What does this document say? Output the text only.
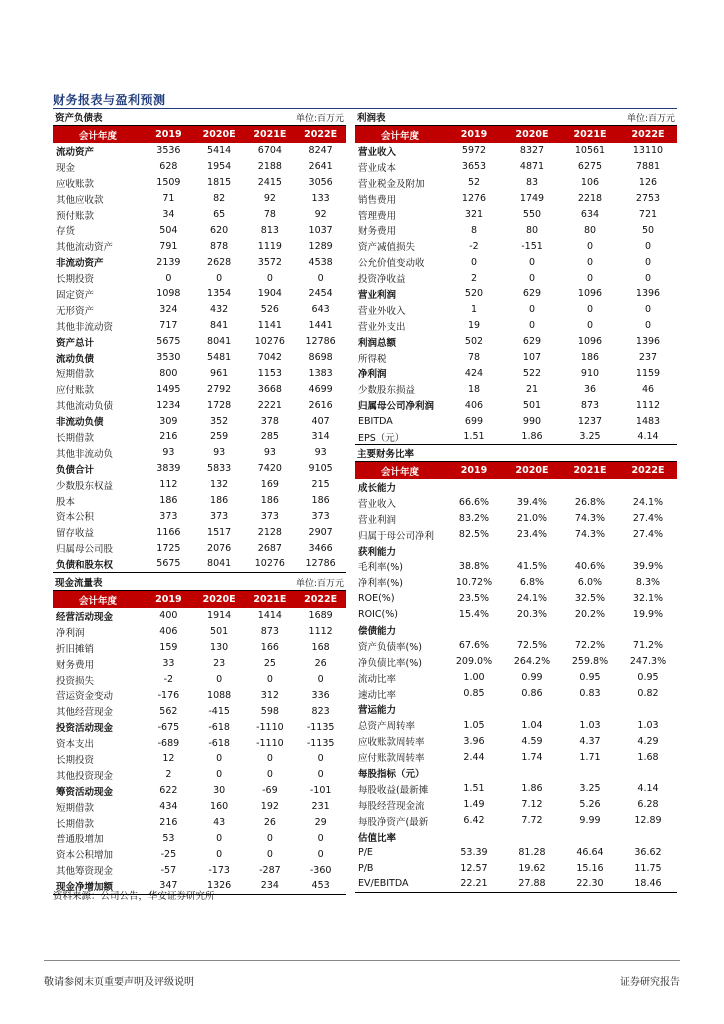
财务报表与盈利预测
资产负债表	单位:百万元
会计年度	2019	2020E	2021E	2022E
流动资产	3536	5414	6704	8247
现金	628	1954	2188	2641
应收账款	1509	1815	2415	3056
其他应收款	71	82	92	133
预付账款	34	65	78	92
存货	504	620	813	1037
其他流动资产	791	878	1119	1289
非流动资产	2139	2628	3572	4538
长期投资	0	0	0	0
固定资产	1098	1354	1904	2454
无形资产	324	432	526	643
其他非流动资	717	841	1141	1441
资产总计	5675	8041	10276	12786
流动负债	3530	5481	7042	8698
短期借款	800	961	1153	1383
应付账款	1495	2792	3668	4699
其他流动负债	1234	1728	2221	2616
非流动负债	309	352	378	407
长期借款	216	259	285	314
其他非流动负	93	93	93	93
负债合计	3839	5833	7420	9105
少数股东权益	112	132	169	215
股本	186	186	186	186
资本公积	373	373	373	373
留存收益	1166	1517	2128	2907
归属母公司股	1725	2076	2687	3466
负债和股东权	5675	8041	10276	12786
现金流量表	单位:百万元
会计年度	2019	2020E	2021E	2022E
经营活动现金	400	1914	1414	1689
净利润	406	501	873	1112
折旧摊销	159	130	166	168
财务费用	33	23	25	26
投资损失	-2	0	0	0
营运资金变动	-176	1088	312	336
其他经营现金	562	-415	598	823
投资活动现金	-675	-618	-1110	-1135
资本支出	-689	-618	-1110	-1135
长期投资	12	0	0	0
其他投资现金	2	0	0	0
筹资活动现金	622	30	-69	-101
短期借款	434	160	192	231
长期借款	216	43	26	29
普通股增加	53	0	0	0
资本公积增加	-25	0	0	0
其他筹资现金	-57	-173	-287	-360
现金净增加额	347	1326	234	453
利润表	单位:百万元
会计年度	2019	2020E	2021E	2022E
营业收入	5972	8327	10561	13110
营业成本	3653	4871	6275	7881
营业税金及附加	52	83	106	126
销售费用	1276	1749	2218	2753
管理费用	321	550	634	721
财务费用	8	80	80	50
资产减值损失	-2	-151	0	0
公允价值变动收	0	0	0	0
投资净收益	2	0	0	0
营业利润	520	629	1096	1396
营业外收入	1	0	0	0
营业外支出	19	0	0	0
利润总额	502	629	1096	1396
所得税	78	107	186	237
净利润	424	522	910	1159
少数股东损益	18	21	36	46
归属母公司净利润	406	501	873	1112
EBITDA	699	990	1237	1483
EPS（元）	1.51	1.86	3.25	4.14
主要财务比率
会计年度	2019	2020E	2021E	2022E
成长能力				
营业收入	66.6%	39.4%	26.8%	24.1%
营业利润	83.2%	21.0%	74.3%	27.4%
归属于母公司净利	82.5%	23.4%	74.3%	27.4%
获利能力				
毛利率(%)	38.8%	41.5%	40.6%	39.9%
净利率(%)	10.72%	6.8%	6.0%	8.3%
ROE(%)	23.5%	24.1%	32.5%	32.1%
ROIC(%)	15.4%	20.3%	20.2%	19.9%
偿债能力				
资产负债率(%)	67.6%	72.5%	72.2%	71.2%
净负债比率(%)	209.0%	264.2%	259.8%	247.3%
流动比率	1.00	0.99	0.95	0.95
速动比率	0.85	0.86	0.83	0.82
营运能力				
总资产周转率	1.05	1.04	1.03	1.03
应收账款周转率	3.96	4.59	4.37	4.29
应付账款周转率	2.44	1.74	1.71	1.68
每股指标（元）				
每股收益(最新摊	1.51	1.86	3.25	4.14
每股经营现金流	1.49	7.12	5.26	6.28
每股净资产(最新	6.42	7.72	9.99	12.89
估值比率				
P/E	53.39	81.28	46.64	36.62
P/B	12.57	19.62	15.16	11.75
EV/EBITDA	22.21	27.88	22.30	18.46
资料来源：公司公告，华安证券研究所
敬请参阅末页重要声明及评级说明	证券研究报告
